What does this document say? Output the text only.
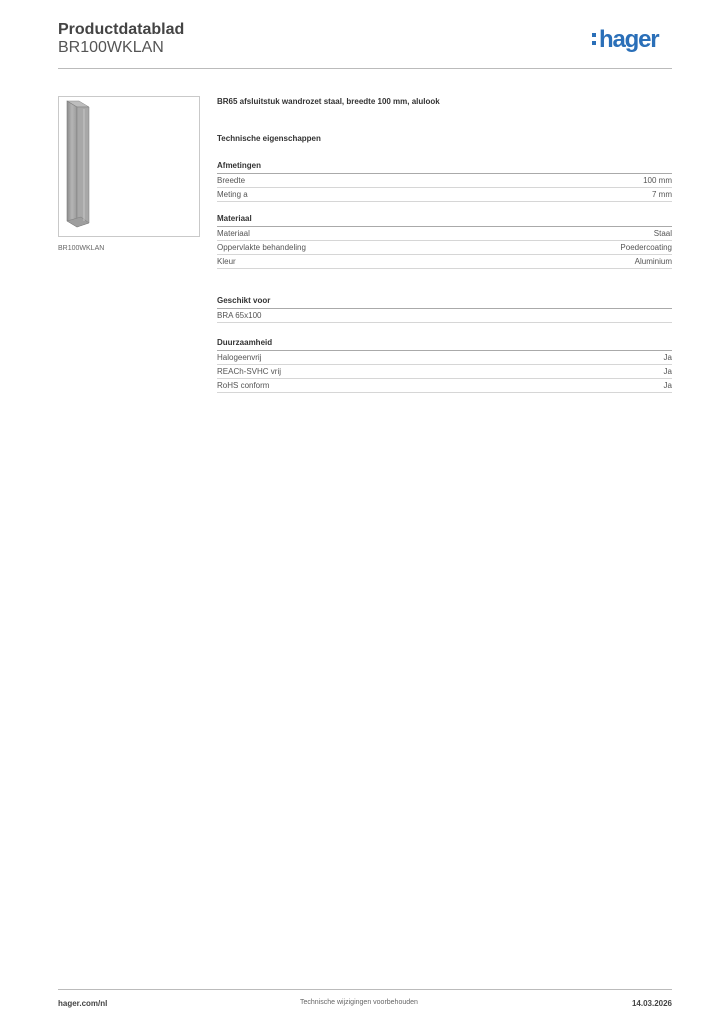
Productdatablad
BR100WKLAN	hager
BR100WKLAN
BR65 afsluitstuk wandrozet staal, breedte 100 mm, alulook
Technische eigenschappen
Afmetingen
Breedte	100 mm
Meting a	7 mm
Materiaal
Materiaal	Staal
Oppervlakte behandeling	Poedercoating
Kleur	Aluminium
Geschikt voor
BRA 65x100
Duurzaamheid
Halogeenvrij	Ja
REACh-SVHC vrij	Ja
RoHS conform	Ja
hager.com/nl	Technische wijzigingen voorbehouden	14.03.2026
